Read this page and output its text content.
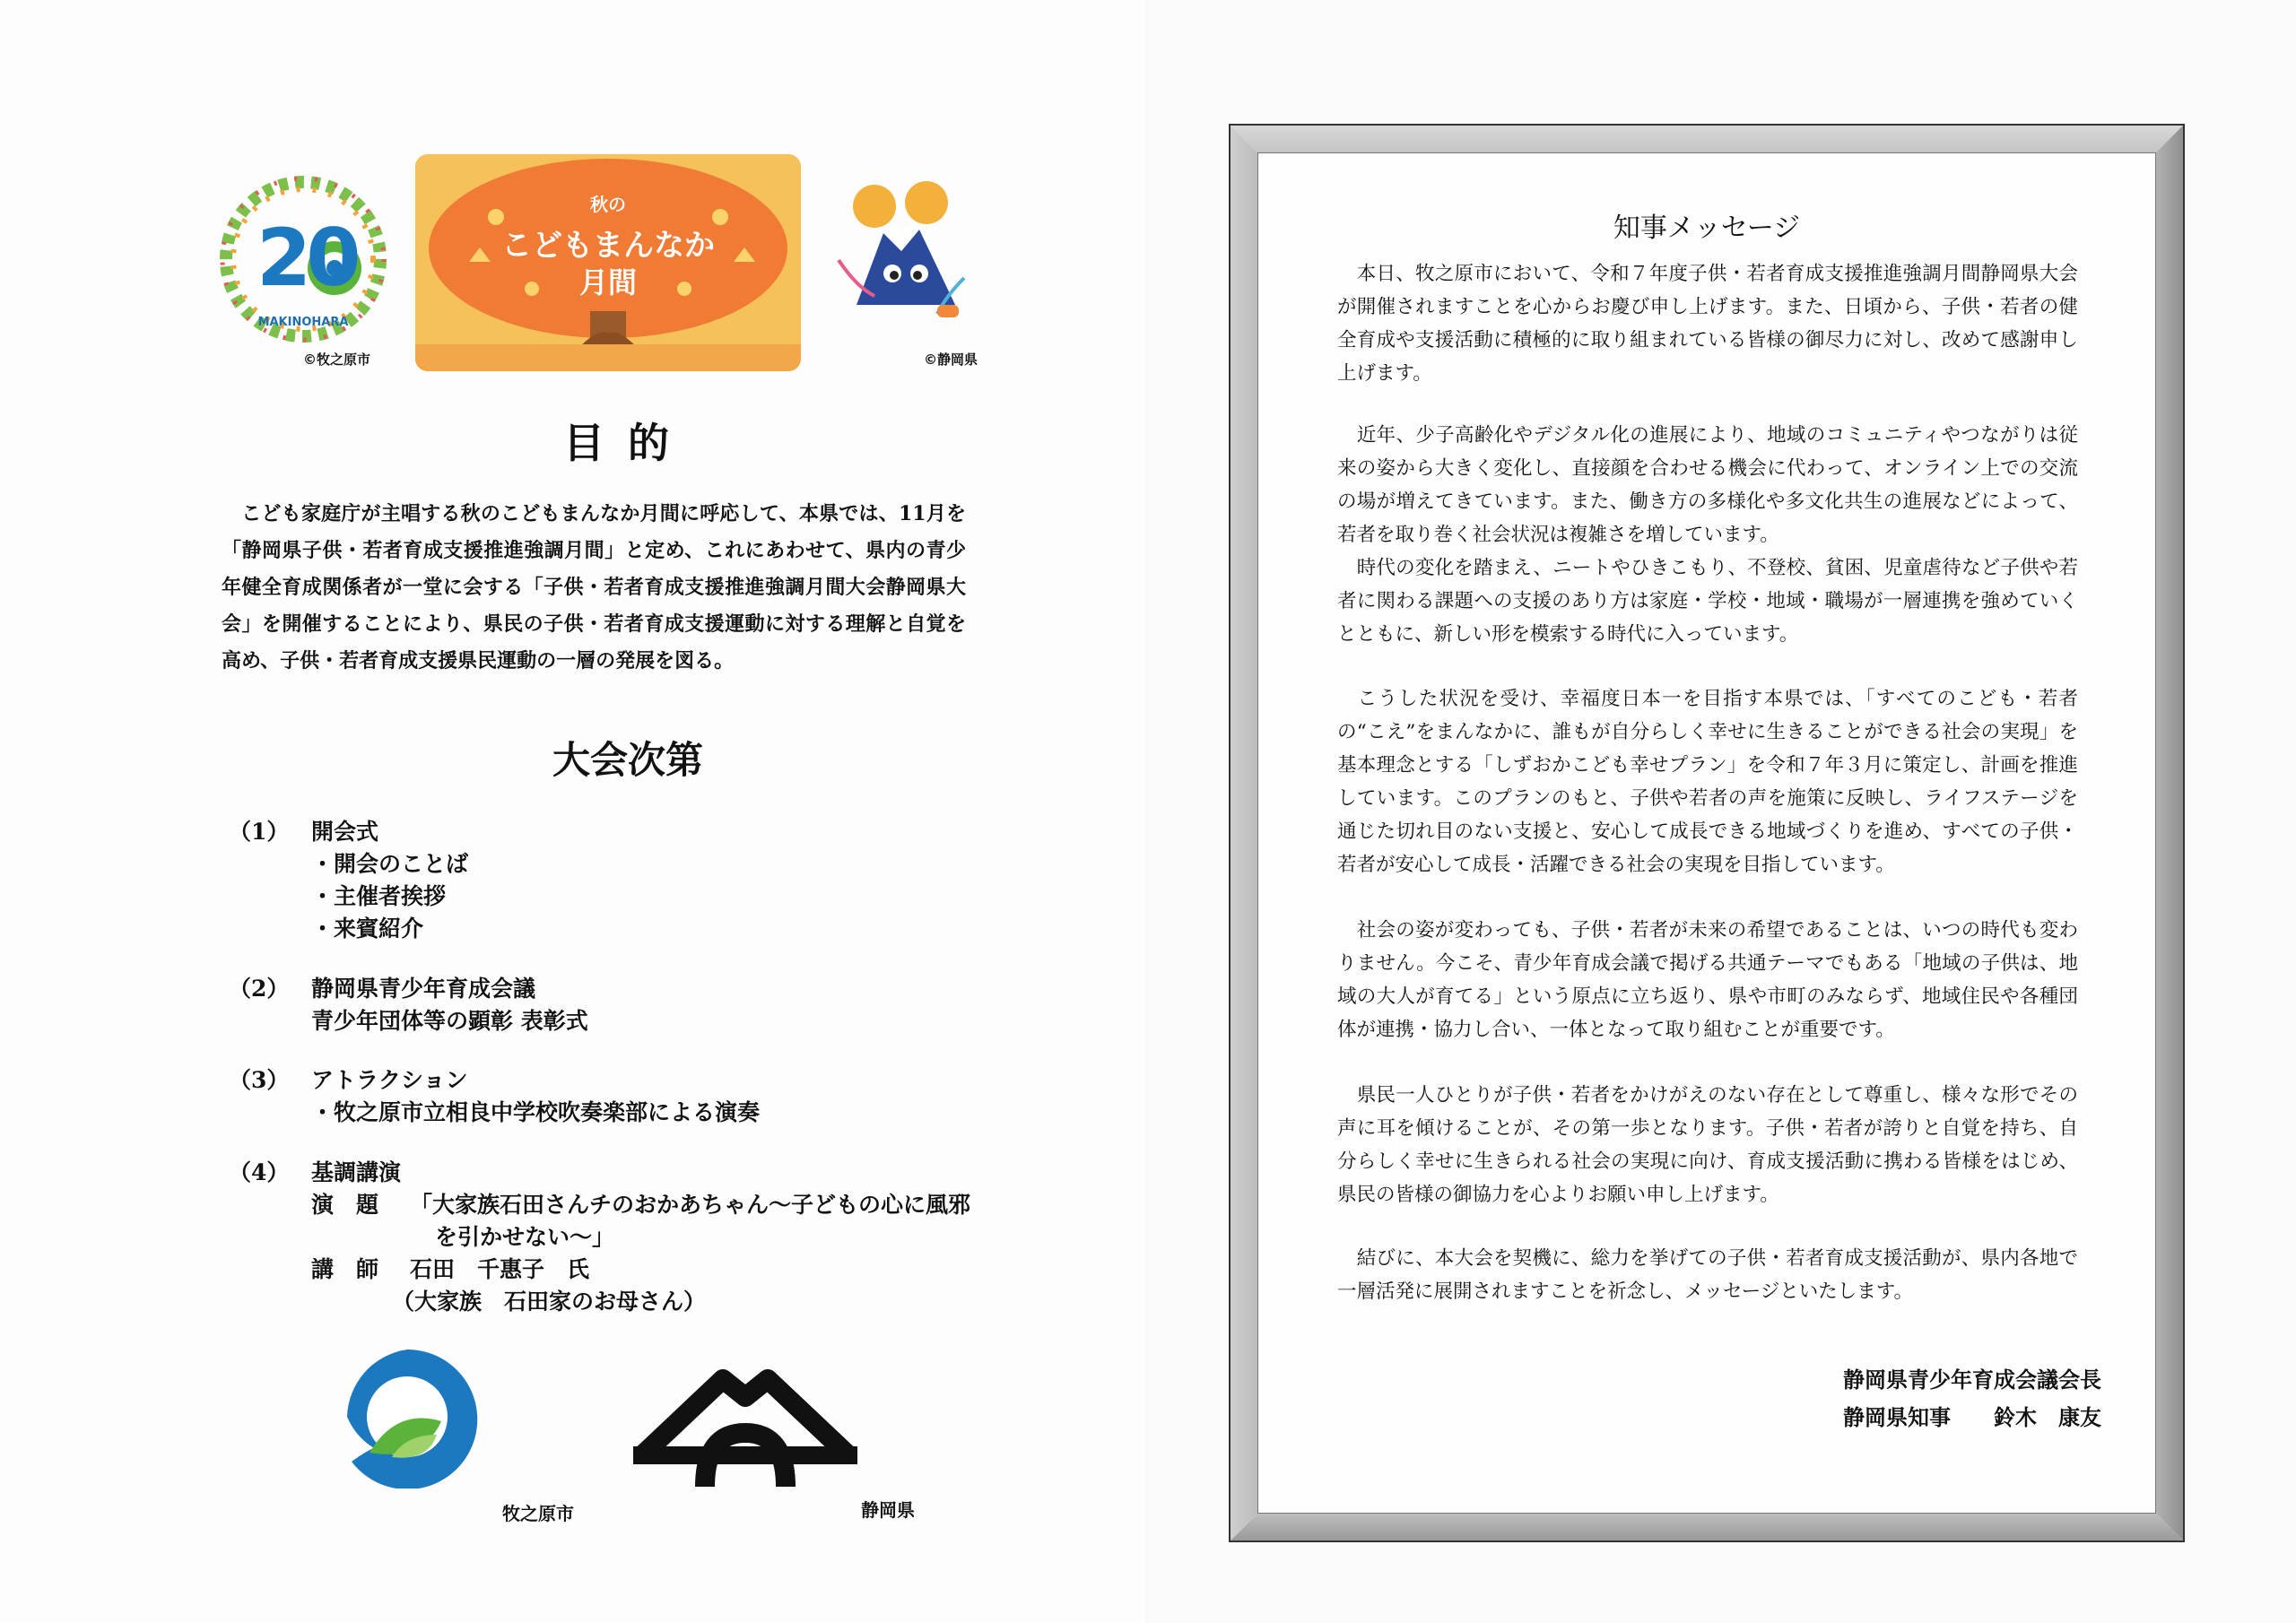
20
MAKINOHARA
©牧之原市
秋の
こどもまんなか
月間
©静岡県
目的
　こども家庭庁が主唱する秋のこどもまんなか月間に呼応して、本県では、11月を「静岡県子供・若者育成支援推進強調月間」と定め、これにあわせて、県内の青少年健全育成関係者が一堂に会する「子供・若者育成支援推進強調月間大会静岡県大会」を開催することにより、県民の子供・若者育成支援運動に対する理解と自覚を高め、子供・若者育成支援県民運動の一層の発展を図る。
大会次第
（1） 開会式
・開会のことば
・主催者挨拶
・来賓紹介
（2） 静岡県青少年育成会議
青少年団体等の顕彰 表彰式
（3） アトラクション
・牧之原市立相良中学校吹奏楽部による演奏
（4） 基調講演
演　題 「大家族石田さんチのおかあちゃん～子どもの心に風邪
を引かせない～」
講　師 石田　千惠子　氏
（大家族　石田家のお母さん）
牧之原市	静岡県
知事メッセージ
　本日、牧之原市において、令和７年度子供・若者育成支援推進強調月間静岡県大会が開催されますことを心からお慶び申し上げます。また、日頃から、子供・若者の健全育成や支援活動に積極的に取り組まれている皆様の御尽力に対し、改めて感謝申し上げます。
　近年、少子高齢化やデジタル化の進展により、地域のコミュニティやつながりは従来の姿から大きく変化し、直接顔を合わせる機会に代わって、オンライン上での交流の場が増えてきています。また、働き方の多様化や多文化共生の進展などによって、若者を取り巻く社会状況は複雑さを増しています。
　時代の変化を踏まえ、ニートやひきこもり、不登校、貧困、児童虐待など子供や若者に関わる課題への支援のあり方は家庭・学校・地域・職場が一層連携を強めていくとともに、新しい形を模索する時代に入っています。
　こうした状況を受け、幸福度日本一を目指す本県では、「すべてのこども・若者の“こえ”をまんなかに、誰もが自分らしく幸せに生きることができる社会の実現」を基本理念とする「しずおかこども幸せプラン」を令和７年３月に策定し、計画を推進しています。このプランのもと、子供や若者の声を施策に反映し、ライフステージを通じた切れ目のない支援と、安心して成長できる地域づくりを進め、すべての子供・若者が安心して成長・活躍できる社会の実現を目指しています。
　社会の姿が変わっても、子供・若者が未来の希望であることは、いつの時代も変わりません。今こそ、青少年育成会議で掲げる共通テーマでもある「地域の子供は、地域の大人が育てる」という原点に立ち返り、県や市町のみならず、地域住民や各種団体が連携・協力し合い、一体となって取り組むことが重要です。
　県民一人ひとりが子供・若者をかけがえのない存在として尊重し、様々な形でその声に耳を傾けることが、その第一歩となります。子供・若者が誇りと自覚を持ち、自分らしく幸せに生きられる社会の実現に向け、育成支援活動に携わる皆様をはじめ、県民の皆様の御協力を心よりお願い申し上げます。
　結びに、本大会を契機に、総力を挙げての子供・若者育成支援活動が、県内各地で一層活発に展開されますことを祈念し、メッセージといたします。
静岡県青少年育成会議会長
静岡県知事　　鈴木　康友
